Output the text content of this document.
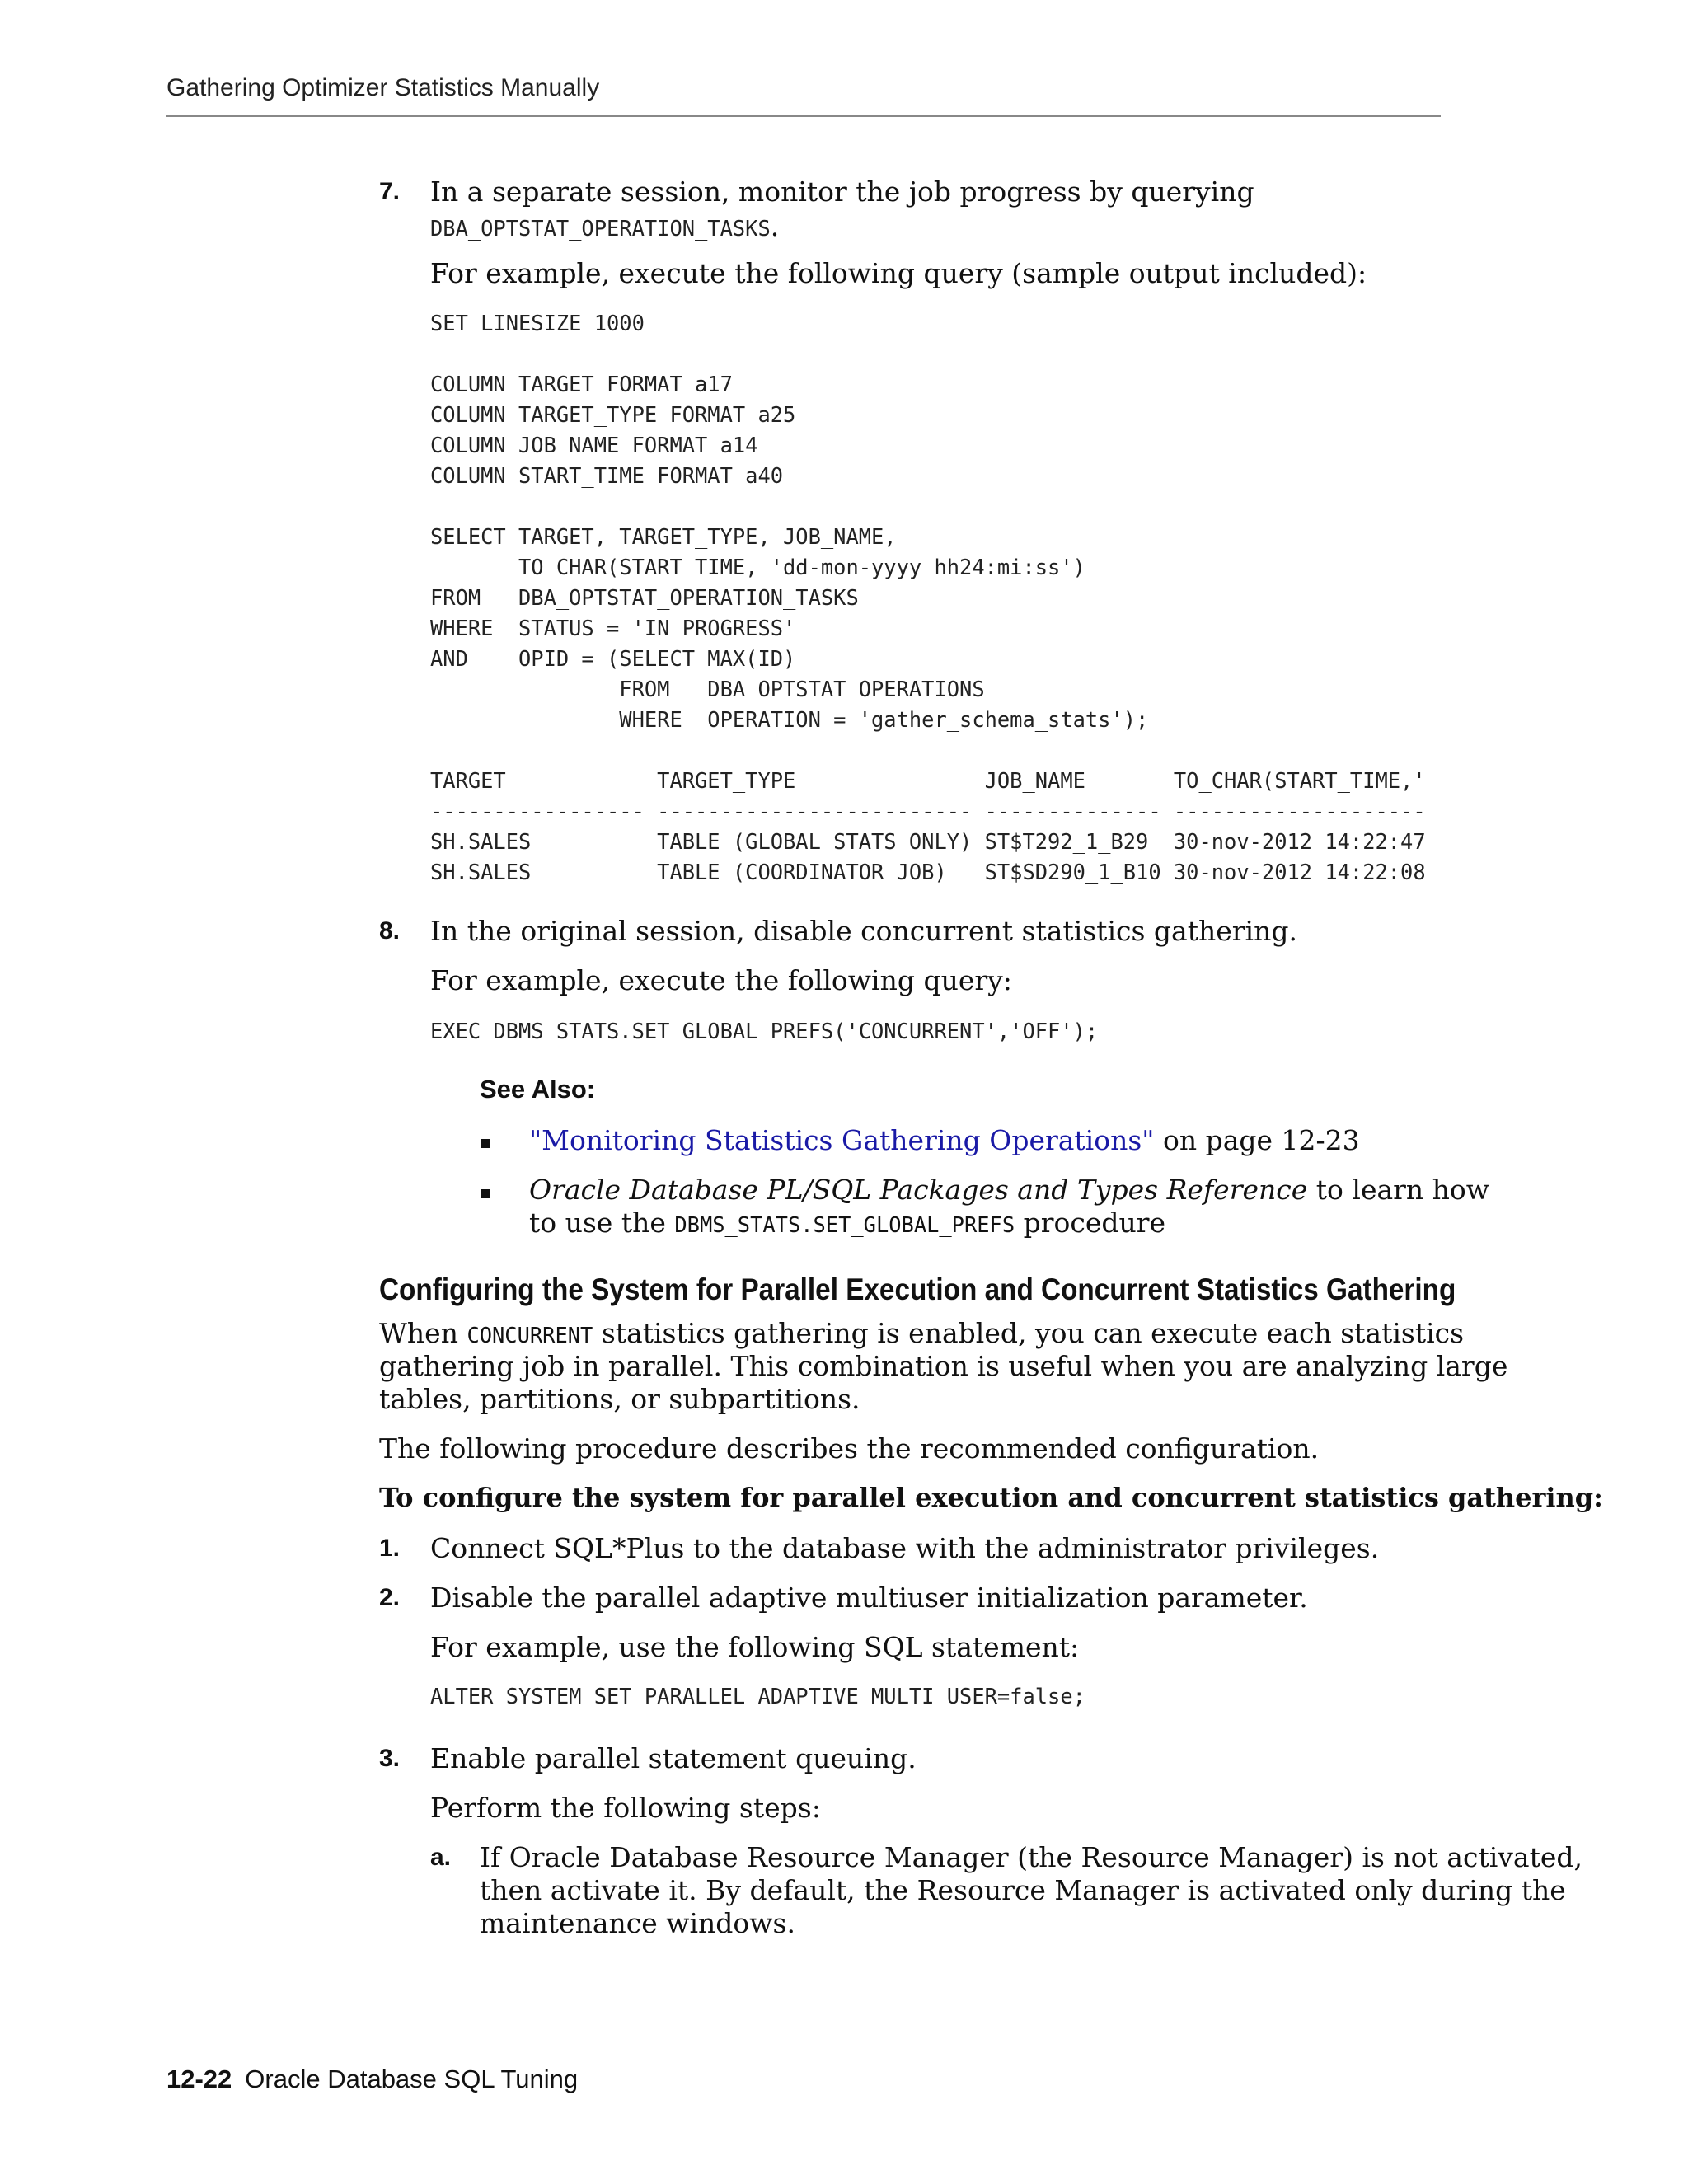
Gathering Optimizer Statistics Manually
7. In a separate session, monitor the job progress by querying

DBA_OPTSTAT_OPERATION_TASKS.

For example, execute the following query (sample output included):

SET LINESIZE 1000

COLUMN TARGET FORMAT a17
COLUMN TARGET_TYPE FORMAT a25
COLUMN JOB_NAME FORMAT a14
COLUMN START_TIME FORMAT a40

SELECT TARGET, TARGET_TYPE, JOB_NAME,
TO_CHAR(START_TIME, 'dd-mon-yyyy hh24:mi:ss')
FROM   DBA_OPTSTAT_OPERATION_TASKS
WHERE  STATUS = 'IN PROGRESS'
AND    OPID = (SELECT MAX(ID)
FROM   DBA_OPTSTAT_OPERATIONS
WHERE  OPERATION = 'gather_schema_stats');

TARGET            TARGET_TYPE               JOB_NAME       TO_CHAR(START_TIME,'
----------------- ------------------------- -------------- --------------------
SH.SALES          TABLE (GLOBAL STATS ONLY) ST$T292_1_B29  30-nov-2012 14:22:47
SH.SALES          TABLE (COORDINATOR JOB)   ST$SD290_1_B10 30-nov-2012 14:22:08
8. In the original session, disable concurrent statistics gathering.

For example, execute the following query:

EXEC DBMS_STATS.SET_GLOBAL_PREFS('CONCURRENT','OFF');
See Also:

"Monitoring Statistics Gathering Operations" on page 12-23

Oracle Database PL/SQL Packages and Types Reference to learn how

to use the DBMS_STATS.SET_GLOBAL_PREFS procedure

Configuring the System for Parallel Execution and Concurrent Statistics Gathering

When CONCURRENT statistics gathering is enabled, you can execute each statistics

gathering job in parallel. This combination is useful when you are analyzing large

tables, partitions, or subpartitions.

The following procedure describes the recommended configuration.

To configure the system for parallel execution and concurrent statistics gathering:

1. Connect SQL*Plus to the database with the administrator privileges.

2. Disable the parallel adaptive multiuser initialization parameter.

For example, use the following SQL statement:

ALTER SYSTEM SET PARALLEL_ADAPTIVE_MULTI_USER=false;
3. Enable parallel statement queuing.

Perform the following steps:

a. If Oracle Database Resource Manager (the Resource Manager) is not activated,

then activate it. By default, the Resource Manager is activated only during the

maintenance windows.

12-22 Oracle Database SQL Tuning
